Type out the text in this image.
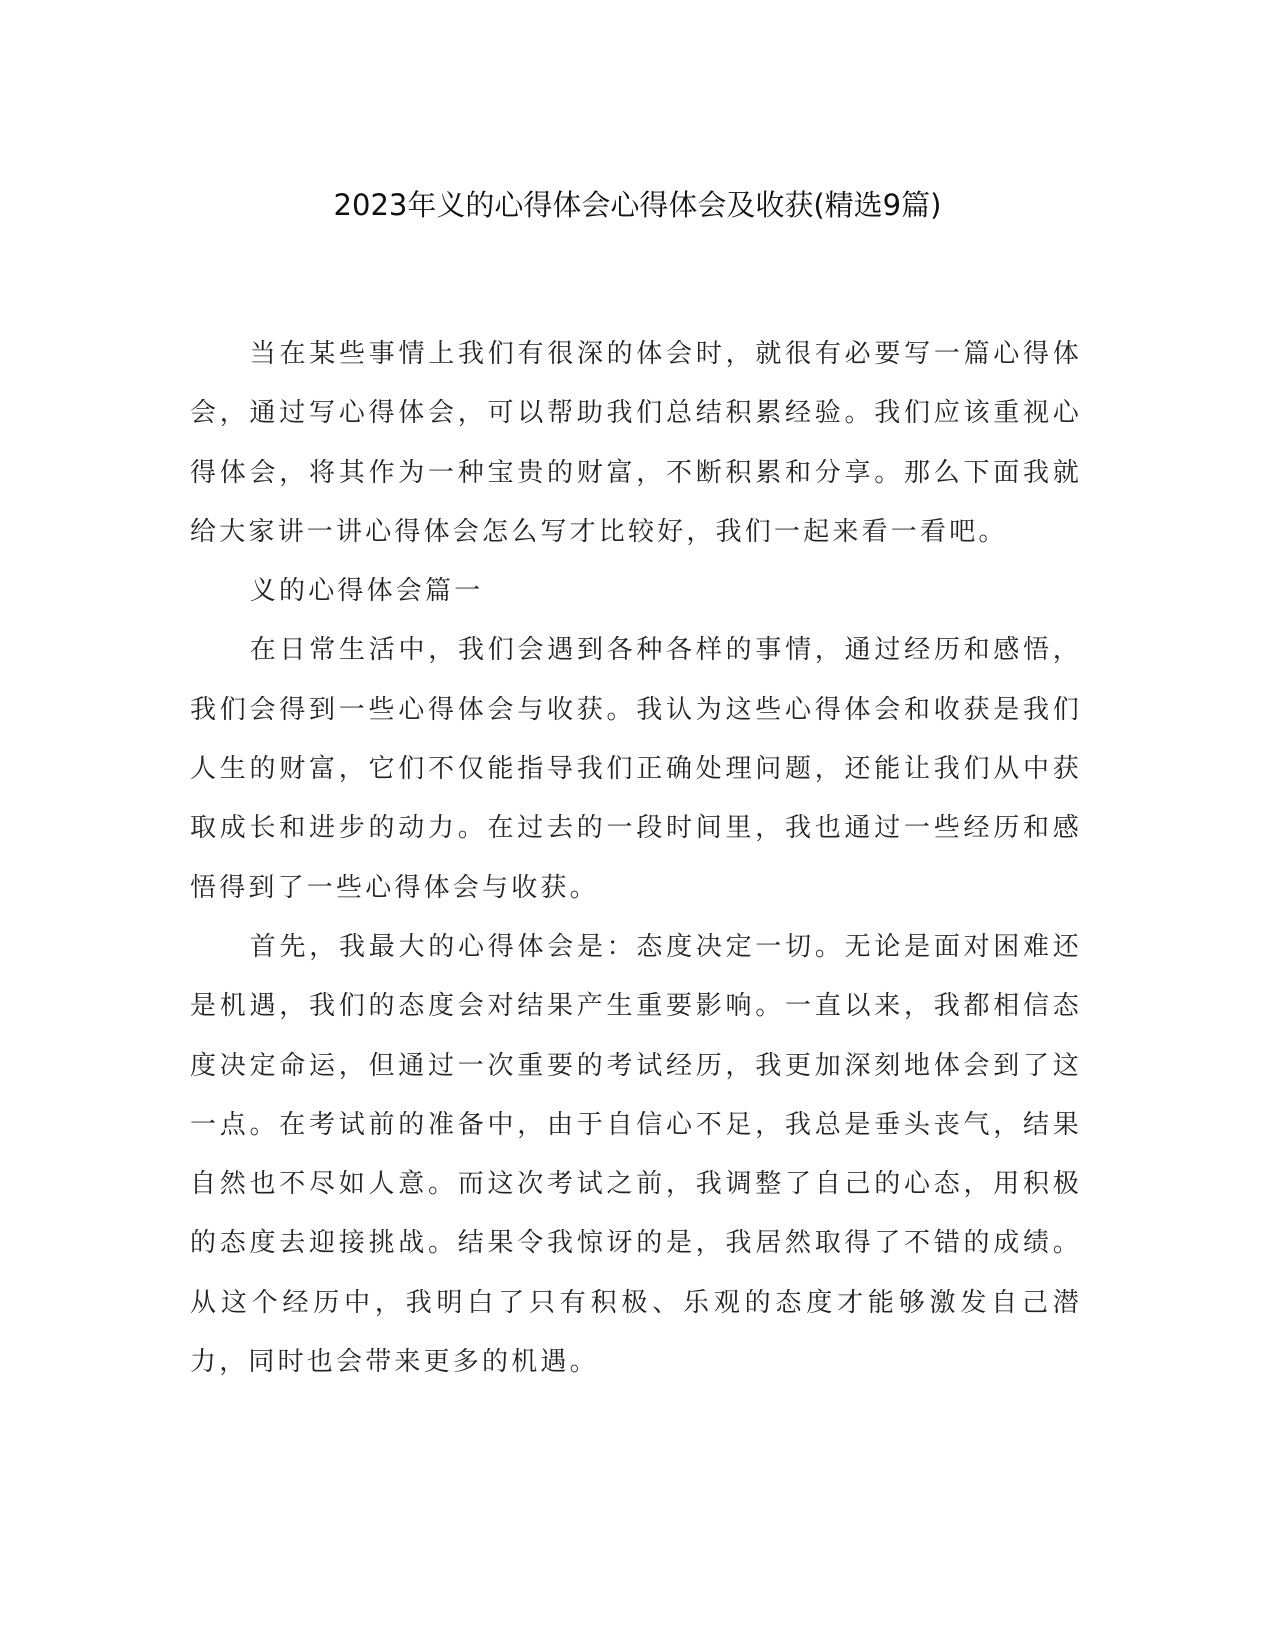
2023年义的心得体会心得体会及收获(精选9篇)

当在某些事情上我们有很深的体会时，就很有必要写一篇心得体会，通过写心得体会，可以帮助我们总结积累经验。我们应该重视心得体会，将其作为一种宝贵的财富，不断积累和分享。那么下面我就给大家讲一讲心得体会怎么写才比较好，我们一起来看一看吧。

义的心得体会篇一

在日常生活中，我们会遇到各种各样的事情，通过经历和感悟，我们会得到一些心得体会与收获。我认为这些心得体会和收获是我们人生的财富，它们不仅能指导我们正确处理问题，还能让我们从中获取成长和进步的动力。在过去的一段时间里，我也通过一些经历和感悟得到了一些心得体会与收获。

首先，我最大的心得体会是：态度决定一切。无论是面对困难还是机遇，我们的态度会对结果产生重要影响。一直以来，我都相信态度决定命运，但通过一次重要的考试经历，我更加深刻地体会到了这一点。在考试前的准备中，由于自信心不足，我总是垂头丧气，结果自然也不尽如人意。而这次考试之前，我调整了自己的心态，用积极的态度去迎接挑战。结果令我惊讶的是，我居然取得了不错的成绩。从这个经历中，我明白了只有积极、乐观的态度才能够激发自己潜力，同时也会带来更多的机遇。
